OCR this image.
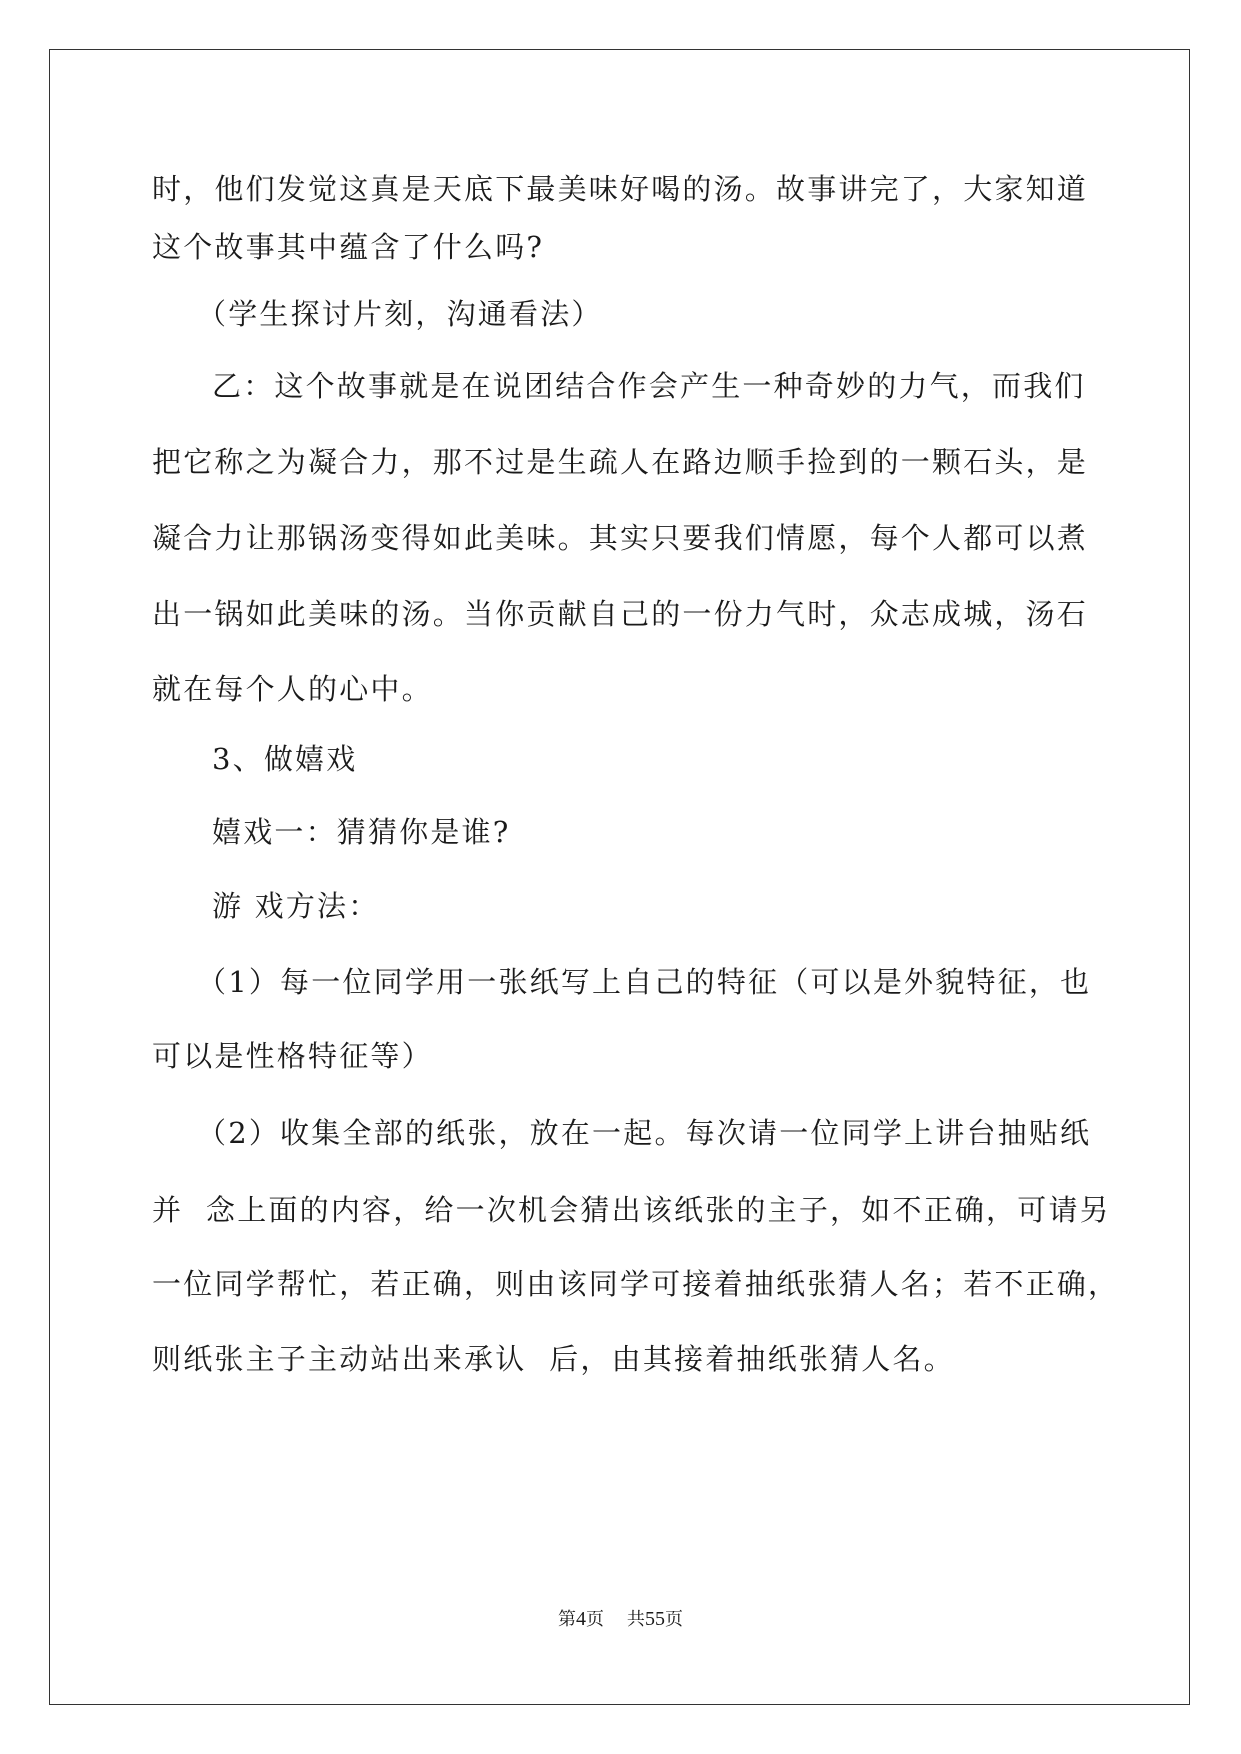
时，他们发觉这真是天底下最美味好喝的汤。故事讲完了，大家知道
这个故事其中蕴含了什么吗?
（学生探讨片刻，沟通看法）
乙：这个故事就是在说团结合作会产生一种奇妙的力气，而我们
把它称之为凝合力，那不过是生疏人在路边顺手捡到的一颗石头，是
凝合力让那锅汤变得如此美味。其实只要我们情愿，每个人都可以煮
出一锅如此美味的汤。当你贡献自己的一份力气时，众志成城，汤石
就在每个人的心中。
3、做嬉戏
嬉戏一：猜猜你是谁?
游 戏方法：
（1）每一位同学用一张纸写上自己的特征（可以是外貌特征，也
可以是性格特征等）
（2）收集全部的纸张，放在一起。每次请一位同学上讲台抽贴纸
并  念上面的内容，给一次机会猜出该纸张的主子，如不正确，可请另
一位同学帮忙，若正确，则由该同学可接着抽纸张猜人名；若不正确，
则纸张主子主动站出来承认  后，由其接着抽纸张猜人名。
第4页    共55页
